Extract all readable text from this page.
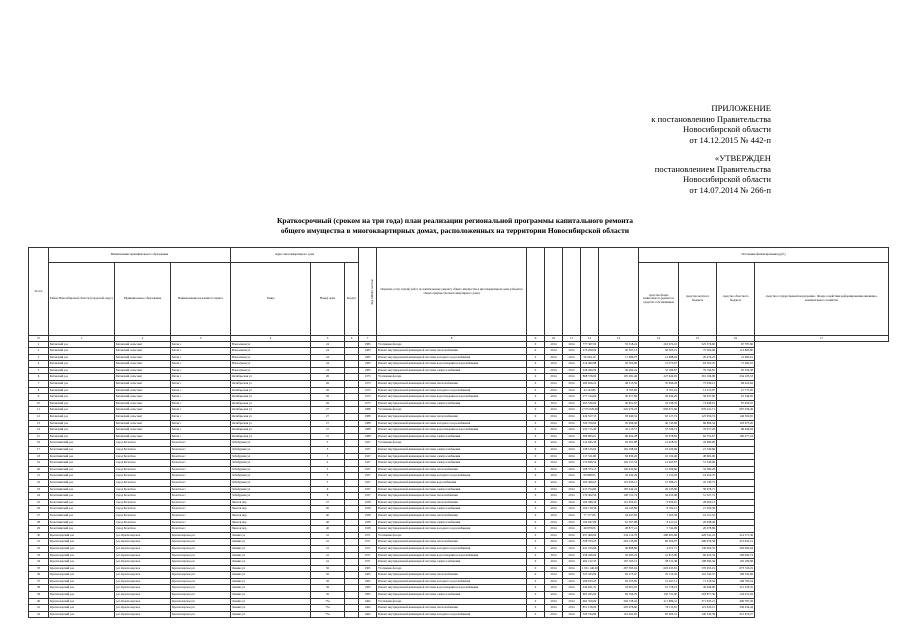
ПРИЛОЖЕНИЕ
к постановлению Правительства
Новосибирской области
от 14.12.2015 № 442-п
«УТВЕРЖДЕН
постановлением Правительства
Новосибирской области
от 14.07.2014 № 266-п
Краткосрочный (сроком на три года) план реализации региональной программы капитального ремонта
общего имущества в многоквартирных домах, расположенных на территории Новосибирской области
№ п/п	Наименование муниципального образования			Адрес многоквартирного дома			Код МКД в системе	Перечень услуг и (или) работ по капитальному ремонту общего имущества в многоквартирном доме (объектов общего имущества многоквартирного дома)						Источники финансирования (руб.)			
	Район Новосибирской области (городской округ)	Муниципальное образование	Наименование населенного пункта	Улица	Номер дома	Корпус								средства фонда капитального ремонта и средства собственников	средства местного бюджета	средства областного бюджета	средства государственной корпорации - Фонда содействия реформированию жилищно-коммунального хозяйства
N	1	2	3	4	5	6	7	8	9	10	11	12	13	14	15	16	17
1	Баганский р-н	Баганский сельсовет	Баган с	Вокзальная ул	24		1383	Утепление фасада	0	2014	2014	777 367,00	35 318,24	216 672,16	525 376,60	67 787,60	
2	Баганский р-н	Баганский сельсовет	Баган с	Вокзальная ул	24		1383	Ремонт внутридомовой инженерной системы теплоснабжения	0	2014	2014	276 200,00	30 567,13	56 505,21	75 264,06	113 863,60	
3	Баганский р-н	Баганский сельсовет	Баган с	Вокзальная ул	24		1383	Ремонт внутридомовой инженерной системы холодного водоснабжения	0	2014	2014	56 264,19	17 489,07	12 688,04	20 476,22	21 960,61	
4	Баганский р-н	Баганский сельсовет	Баган с	Вокзальная ул	24		1383	Ремонт внутридомовой инженерной системы водоотведения и водоснабжения	0	2014	2014	216 460,88	50 302,66	31 373,67	63 502,45	71 282,10	
5	Баганский р-н	Баганский сельсовет	Баган с	Вокзальная ул	24		1383	Ремонт внутридомовой инженерной системы электроснабжения	0	2014	2014	228 490,00	46 492,22	32 186,67	79 794,87	65 559,38	
6	Баганский р-н	Баганский сельсовет	Баган с	Октябрьская ул	26		1373	Утепление фасада	0	2014	2014	868 576,00	105 281,46	227 624,95	301 166,99	234 103,53	
7	Баганский р-н	Баганский сельсовет	Баган с	Октябрьская ул	26		1373	Ремонт внутридомовой инженерной системы теплоснабжения	0	2014	2014	209 626,22	48 513,56	35 996,26	75 036,12	69 422,62	
8	Баганский р-н	Баганский сельсовет	Баган с	Октябрьская ул	26		1373	Ремонт внутридомовой инженерной системы холодного водоснабжения	0	2014	2014	44 143,86	8 795,66	6 761,16	13 213,97	15 773,20	
9	Баганский р-н	Баганский сельсовет	Баган с	Октябрьская ул	26		1373	Ремонт внутридомовой инженерной системы водоотведения и водоснабжения	0	2014	2014	177 744,00	30 677,69	26 944,26	58 637,00	61 549,95	
10	Баганский р-н	Баганский сельсовет	Баган с	Октябрьская ул	26		1373	Ремонт внутридомовой инженерной системы электроснабжения	0	2014	2014	205 526,00	40 651,67	33 236,76	73 648,10	67 959,47	
11	Баганский р-н	Баганский сельсовет	Баган с	Октябрьская ул	27		1388	Утепление фасада	0	2014	2014	2 575 020,00	245 270,23	656 071,60	976 241,71	697 036,46	
12	Баганский р-н	Баганский сельсовет	Баган с	Октябрьская ул	27		1388	Ремонт внутридомовой инженерной системы теплоснабжения	0	2014	2014	419 527,53	83 940,32	63 127,74	125 959,74	146 500,05	
13	Баганский р-н	Баганский сельсовет	Баган с	Октябрьская ул	27		1388	Ремонт внутридомовой инженерной системы холодного водоснабжения	0	2014	2014	329 709,64	65 096,46	46 743,90	96 896,34	118 675,20	
14	Баганский р-н	Баганский сельсовет	Баган с	Октябрьская ул	27		1388	Ремонт внутридомовой инженерной системы водоотведения и водоснабжения	0	2014	2014	245 715,40	45 113,57	37 524,72	76 017,26	86 649,92	
15	Баганский р-н	Баганский сельсовет	Баган с	Октябрьская ул	27		1388	Ремонт внутридомовой инженерной системы электроснабжения	0	2014	2014	269 093,01	60 624,28	45 078,82	82 574,67	100 077,24	
16	Болотнинский р-н	город Болотное	Болотное г	Забабурина ул	3		1327	Утепление фасада	0	2014	2014	114 645,36	20 301,88	21 618,32	42 680,00		
17	Болотнинский р-н	город Болотное	Болотное г	Забабурина ул	3		1327	Ремонт внутридомовой инженерной системы электроснабжения	0	2014	2014	128 515,02	102 168,03	16 220,06	21 540,60		
18	Болотнинский р-н	город Болотное	Болотное г	Забабурина ул	5		1327	Ремонт внутридомовой инженерной системы электроснабжения	0	2014	2014	117 311,60	82 630,20	16 132,46	48 662,00		
19	Болотнинский р-н	город Болотное	Болотное г	Забабурина ул	4		1327	Ремонт внутридомовой инженерной системы электроснабжения	0	2014	2014	170 926,54	102 157,54	14 205,87	51 540,00		
20	Болотнинский р-н	город Болотное	Болотное г	Забабурина ул	5		1327	Ремонт внутридомовой инженерной системы теплоснабжения	0	2014	2014	168 373,15	120 432,60	15 209,60	32 380,28		
21	Болотнинский р-н	город Болотное	Болотное г	Забабурина ул	5		1327	Ремонт внутридомовой инженерной системы холодного водоснабжения	0	2014	2014	69 698,95	45 432,29	5 152,02	19 254,70		
22	Болотнинский р-н	город Болотное	Болотное г	Забабурина ул	5		1327	Ремонт внутридомовой инженерной системы водоснабжения	0	2014	2014	162 360,05	101 033,12	15 586,21	45 740,72		
23	Болотнинский р-н	город Болотное	Болотное г	Забабурина ул	6		1327	Ремонт внутридомовой инженерной системы электроснабжения	0	2014	2014	213 754,60	165 444,24	26 133,69	58 978,71		
24	Болотнинский р-н	город Болотное	Болотное г	Забабурина ул	6		1327	Ремонт внутридомовой инженерной системы теплоснабжения	0	2014	2014	179 302,50	100 721,74	34 253,06	51 327,72		
25	Болотнинский р-н	город Болотное	Болотное г	Чкалов пер	27		1328	Ремонт внутридомовой инженерной системы теплоснабжения	0	2014	2014	164 586,50	121 652,61	9 950,61	28 000,13		
26	Болотнинский р-н	город Болотное	Болотное г	Чкалов пер	20		1328	Ремонт внутридомовой инженерной системы электроснабжения	0	2014	2014	104 719,56	64 143,89	8 702,15	21 056,36		
27	Болотнинский р-н	город Болотное	Болотное г	Чкалов пер	40		1328	Ремонт внутридомовой инженерной системы теплоснабжения	0	2014	2014	77 177,06	54 447,82	7 265,56	16 151,52		
28	Болотнинский р-н	город Болотное	Болотное г	Чкалов пер	40		1328	Ремонт внутридомовой инженерной системы электроснабжения	0	2014	2014	100 947,69	61 597,98	8 411,10	20 938,46		
29	Болотнинский р-н	город Болотное	Болотное г	Чкалов пер	40		1328	Ремонт внутридомовой инженерной системы холодного водоснабжения	0	2014	2014	46 678,06	28 877,41	5 742,99	20 078,89		
30	Краснозерский р-н	р.п. Краснозерское	Краснозерское рп	Ленина ул	41		1371	Утепление фасада	0	2014	2014	457 400,00	234 112,79	268 481,66	429 541,22	214 571,36	
31	Краснозерский р-н	р.п. Краснозерское	Краснозерское рп	Ленина ул	41		1371	Ремонт внутридомовой инженерной системы теплоснабжения	0	2014	2014	328 763,23	263 133,08	60 304,97	400 076,38	472 932,21	
32	Краснозерский р-н	р.п. Краснозерское	Краснозерское рп	Ленина ул	41		1371	Ремонт внутридомовой инженерной системы холодного водоснабжения	0	2014	2014	441 193,96	40 898,60	4 071,71	130 904,35	263 992,64	
33	Краснозерский р-н	р.п. Краснозерское	Краснозерское рп	Ленина ул	41		1371	Ремонт внутридомовой инженерной системы водоотведения и водоснабжения	0	2014	2014	258 426,00	56 483,23	41 815,00	60 423,32	106 092,74	
34	Краснозерский р-н	р.п. Краснозерское	Краснозерское рп	Ленина ул	41		1371	Ремонт внутридомовой инженерной системы электроснабжения	0	2014	2014	262 212,35	107 163,15	58 211,48	108 384,04	102 180,68	
35	Краснозерский р-н	р.п. Краснозерское	Краснозерское рп	Ленина ул	56		1365	Утепление фасада	0	2014	2014	1 951 140,00	287 393,04	603 435,81	576 655,19	673 745,25	
36	Краснозерский р-н	р.п. Краснозерское	Краснозерское рп	Ленина ул	56		1365	Ремонт внутридомовой инженерной системы теплоснабжения	0	2014	2014	325 433,00	65 275,47	25 110,42	116 542,37	109 332,69	
37	Краснозерский р-н	р.п. Краснозерское	Краснозерское рп	Ленина ул	56		1365	Ремонт внутридомовой инженерной системы холодного водоснабжения	0	2014	2014	296 633,25	65 253,85	51 427,11	71 218,04	108 784,54	
38	Краснозерский р-н	р.п. Краснозерское	Краснозерское рп	Ленина ул	56		1365	Ремонт внутридомовой инженерной системы водоотведения и водоснабжения	0	2014	2014	244 631,31	43 001,65	61 778,19	46 946,90	112 226,35	
39	Краснозерский р-н	р.п. Краснозерское	Краснозерское рп	Ленина ул	56		1365	Ремонт внутридомовой инженерной системы электроснабжения	0	2014	2014	605 205,00	84 764,76	150 721,00	203 877,30	124 072,92	
40	Краснозерский р-н	р.п. Краснозерское	Краснозерское рп	Ленина ул	75а		1462	Утепление фасада	0	2014	2014	962 350,00	204 728,22	211 686,41	371 635,21	409 787,26	
41	Краснозерский р-н	р.п. Краснозерское	Краснозерское рп	Ленина ул	75а		1462	Ремонт внутридомовой инженерной системы теплоснабжения	0	2014	2014	851 156,00	295 976,60	79 111,81	121 633,15	356 434,44	
42	Краснозерский р-н	р.п. Краснозерское	Краснозерское рп	Ленина ул	75а		1462	Ремонт внутридомовой инженерной системы холодного водоснабжения	0	2014	2014	326 794,80	101 491,05	85 620,31	140 543,39	312 974,27	
